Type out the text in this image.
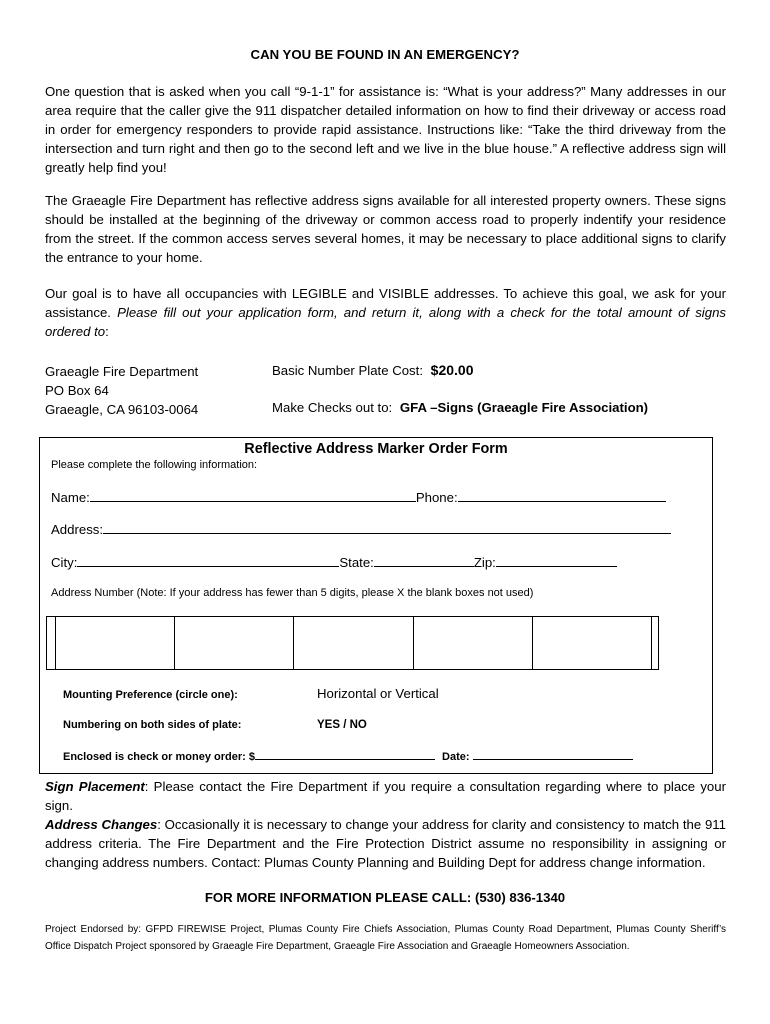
CAN YOU BE FOUND IN AN EMERGENCY?
One question that is asked when you call “9-1-1” for assistance is: “What is your address?” Many addresses in our area require that the caller give the 911 dispatcher detailed information on how to find their driveway or access road in order for emergency responders to provide rapid assistance. Instructions like: “Take the third driveway from the intersection and turn right and then go to the second left and we live in the blue house.” A reflective address sign will greatly help find you!
The Graeagle Fire Department has reflective address signs available for all interested property owners. These signs should be installed at the beginning of the driveway or common access road to properly indentify your residence from the street. If the common access serves several homes, it may be necessary to place additional signs to clarify the entrance to your home.
Our goal is to have all occupancies with LEGIBLE and VISIBLE addresses. To achieve this goal, we ask for your assistance. Please fill out your application form, and return it, along with a check for the total amount of signs ordered to:
Graeagle Fire Department
PO Box 64
Graeagle, CA 96103-0064
Basic Number Plate Cost: $20.00
Make Checks out to: GFA –Signs (Graeagle Fire Association)
Reflective Address Marker Order Form
Please complete the following information:
Name:	Phone:
Address:
City:	State:	Zip:
Address Number (Note: If your address has fewer than 5 digits, please X the blank boxes not used)
Mounting Preference (circle one):	Horizontal or Vertical
Numbering on both sides of plate:	YES / NO
Enclosed is check or money order: $	Date:
Sign Placement: Please contact the Fire Department if you require a consultation regarding where to place your sign.
Address Changes: Occasionally it is necessary to change your address for clarity and consistency to match the 911 address criteria. The Fire Department and the Fire Protection District assume no responsibility in assigning or changing address numbers. Contact: Plumas County Planning and Building Dept for address change information.
FOR MORE INFORMATION PLEASE CALL: (530) 836-1340
Project Endorsed by: GFPD FIREWISE Project, Plumas County Fire Chiefs Association, Plumas County Road Department, Plumas County Sheriff’s Office Dispatch Project sponsored by Graeagle Fire Department, Graeagle Fire Association and Graeagle Homeowners Association.
